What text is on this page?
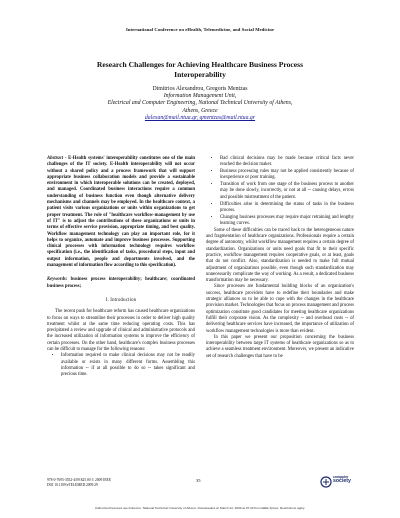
International Conference on eHealth, Telemedicine, and Social Medicine
Research Challenges for Achieving Healthcare Business Process
Interoperability
Dimitrios Alexandrou, Gregoris Mentzas
Information Management Unit,
Electrical and Computer Engineering, National Technical University of Athens,
Athens, Greece
dalexan@mail.ntua.gr, gmentzas@mail.ntua.gr
Abstract - E-Health systems' interoperability constitutes one of the main challenges of the IT society. E-Health interoperability will not occur without a shared policy and a process framework that will support appropriate business collaboration models and provide a sustainable environment in which interoperable solutions can be created, deployed, and managed. Coordinated business interactions require a common understanding of business function even though alternative delivery mechanisms and channels may be employed. In the healthcare context, a patient visits various organizations or units within organizations to get proper treatment. The role of "healthcare workflow-management by use of IT" is to adjust the contributions of these organizations or units in terms of effective service provision, appropriate timing, and best quality. Workflow management technology can play an important role, for it helps to organize, automate and improve business processes. Supporting clinical processes with information technology requires workflow specification (i.e., the identification of tasks, procedural steps, input and output information, people and departments involved, and the management of information flow according to this specification).
Keywords: business process interoperability; healthcare; coordinated business process;
I. Introduction

The recent push for healthcare reform has caused healthcare organizations to focus on ways to streamline their processes in order to deliver high quality treatment whilst at the same time reducing operating costs. This has precipitated a review and upgrade of clinical and administrative protocols and the increased utilization of information systems to improve the efficiency of certain processes. On the other hand, healthcare's complex business processes can be difficult to manage for the following reasons:

• Information required to make clinical decisions may not be readily available or exists in many different forms. Assembling this information -- if at all possible to do so -- takes significant and precious time.
• Bad clinical decisions may be made because critical facts never reached the decision maker.
• Business processing rules may not be applied consistently because of inexperience or poor training.
• Transition of work from one stage of the business process to another may be done slowly, incorrectly, or not at all -- causing delays, errors and possible mistreatment of the patient.
• Difficulties arise in determining the status of tasks in the business process.
• Changing business processes may require major retraining and lengthy learning curves.

Some of these difficulties can be traced back to the heterogeneous nature and fragmentation of healthcare organizations. Professionals require a certain degree of autonomy, whilst workflow management requires a certain degree of standardization. Organizations or units need goals that fit to their specific practice, workflow management requires cooperative goals, or at least, goals that do not conflict. Also, standardization is needed to make full mutual adjustment of organizations possible, even though such standardization may unnecessarily complicate the way of working. As a result, a dedicated business transformation may be necessary.

Since processes are fundamental building blocks of an organization's success, healthcare providers have to redefine their boundaries and make strategic alliances so to be able to cope with the changes in the healthcare provision market. Technologies that focus on process management and process optimization constitute good candidates for meeting healthcare organizations fulfill their corporate vision. As the complexity -- and overhead costs -- of delivering healthcare services have increased, the importance of utilization of workflow management technologies is more than evident.

In this paper we present our proposition concerning the business interoperability between large IT systems of healthcare organizations so as to achieve a seamless treatment environment. Moreover, we present an indicative set of research challenges that have to be

978-0-7695-3552-4/09 $25.00 © 2009 IEEE
DOI 10.1109/eTELEMED.2009.29
computer
society
35
Authorized licensed use limited to: National Technical University of Athens. Downloaded on March 22, 2009 at 07:29 from IEEE Xplore. Restrictions apply.
